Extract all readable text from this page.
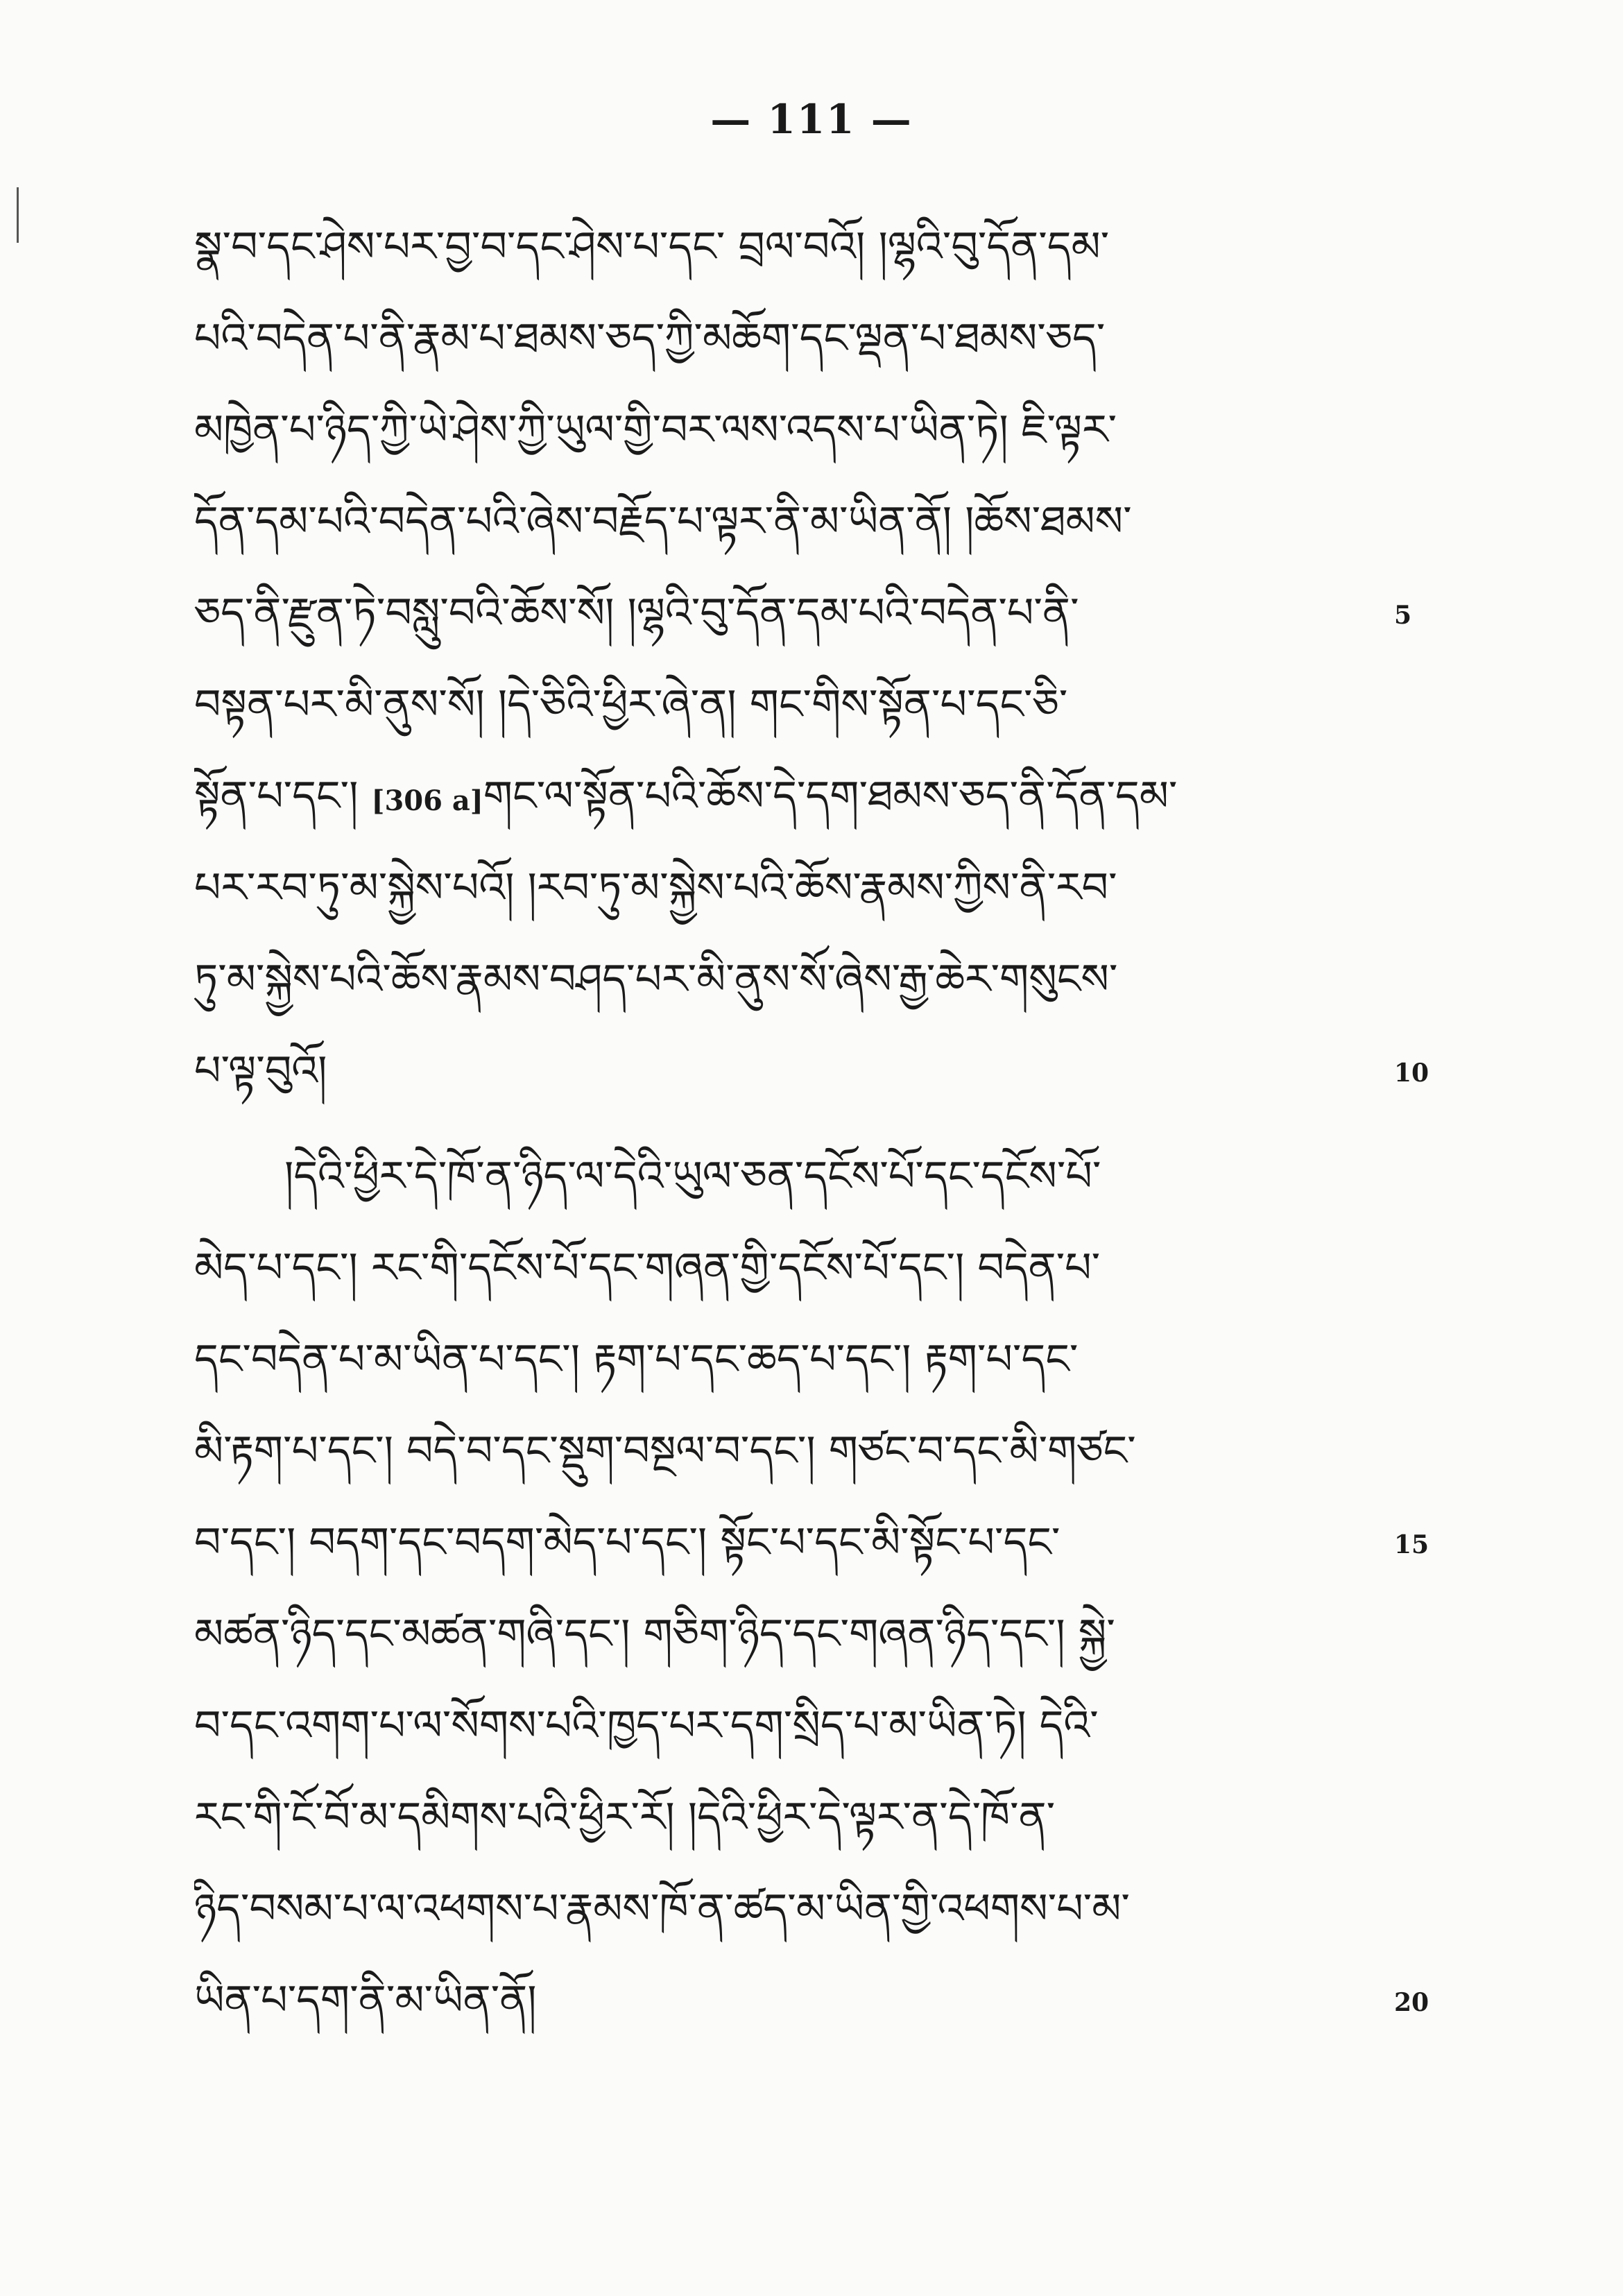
— 111 —
སྣ་བ་དང་ཤེས་པར་བྱ་བ་དང་ཤེས་པ་དང་ བྲལ་བའོ། །ལྷའི་བུ་དོན་དམ་
པའི་བདེན་པ་ནི་རྣམ་པ་ཐམས་ཅད་ཀྱི་མཆོག་དང་ལྡན་པ་ཐམས་ཅད་
མཁྱེན་པ་ཉིད་ཀྱི་ཡེ་ཤེས་ཀྱི་ཡུལ་གྱི་བར་ལས་འདས་པ་ཡིན་ཏེ། ཇི་ལྟར་
དོན་དམ་པའི་བདེན་པའི་ཞེས་བརྗོད་པ་ལྟར་ནི་མ་ཡིན་ནོ། །ཆོས་ཐམས་
ཅད་ནི་རྫུན་ཏེ་བསླུ་བའི་ཆོས་སོ། །ལྷའི་བུ་དོན་དམ་པའི་བདེན་པ་ནི་
བསྟན་པར་མི་ནུས་སོ། །དེ་ཅིའི་ཕྱིར་ཞེ་ན། གང་གིས་སྟོན་པ་དང་ཅི་
སྟོན་པ་དང་། [306 a]གང་ལ་སྟོན་པའི་ཆོས་དེ་དག་ཐམས་ཅད་ནི་དོན་དམ་
པར་རབ་ཏུ་མ་སྐྱེས་པའོ། །རབ་ཏུ་མ་སྐྱེས་པའི་ཆོས་རྣམས་ཀྱིས་ནི་རབ་
ཏུ་མ་སྐྱེས་པའི་ཆོས་རྣམས་བཤད་པར་མི་ནུས་སོ་ཞེས་རྒྱ་ཆེར་གསུངས་
པ་ལྟ་བུའོ།
།དེའི་ཕྱིར་དེ་ཁོ་ན་ཉིད་ལ་དེའི་ཡུལ་ཅན་དངོས་པོ་དང་དངོས་པོ་
མེད་པ་དང་། རང་གི་དངོས་པོ་དང་གཞན་གྱི་དངོས་པོ་དང་། བདེན་པ་
དང་བདེན་པ་མ་ཡིན་པ་དང་། རྟག་པ་དང་ཆད་པ་དང་། རྟག་པ་དང་
མི་རྟག་པ་དང་། བདེ་བ་དང་སྡུག་བསྔལ་བ་དང་། གཙང་བ་དང་མི་གཙང་
བ་དང་། བདག་དང་བདག་མེད་པ་དང་། སྟོང་པ་དང་མི་སྟོང་པ་དང་
མཚན་ཉིད་དང་མཚན་གཞི་དང་། གཅིག་ཉིད་དང་གཞན་ཉིད་དང་། སྐྱེ་
བ་དང་འགག་པ་ལ་སོགས་པའི་ཁྱད་པར་དག་སྲིད་པ་མ་ཡིན་ཏེ། དེའི་
རང་གི་ངོ་བོ་མ་དམིགས་པའི་ཕྱིར་རོ། །དེའི་ཕྱིར་དེ་ལྟར་ན་དེ་ཁོ་ན་
ཉིད་བསམ་པ་ལ་འཕགས་པ་རྣམས་ཁོ་ན་ཚད་མ་ཡིན་གྱི་འཕགས་པ་མ་
ཡིན་པ་དག་ནི་མ་ཡིན་ནོ།
5
10
15
20
